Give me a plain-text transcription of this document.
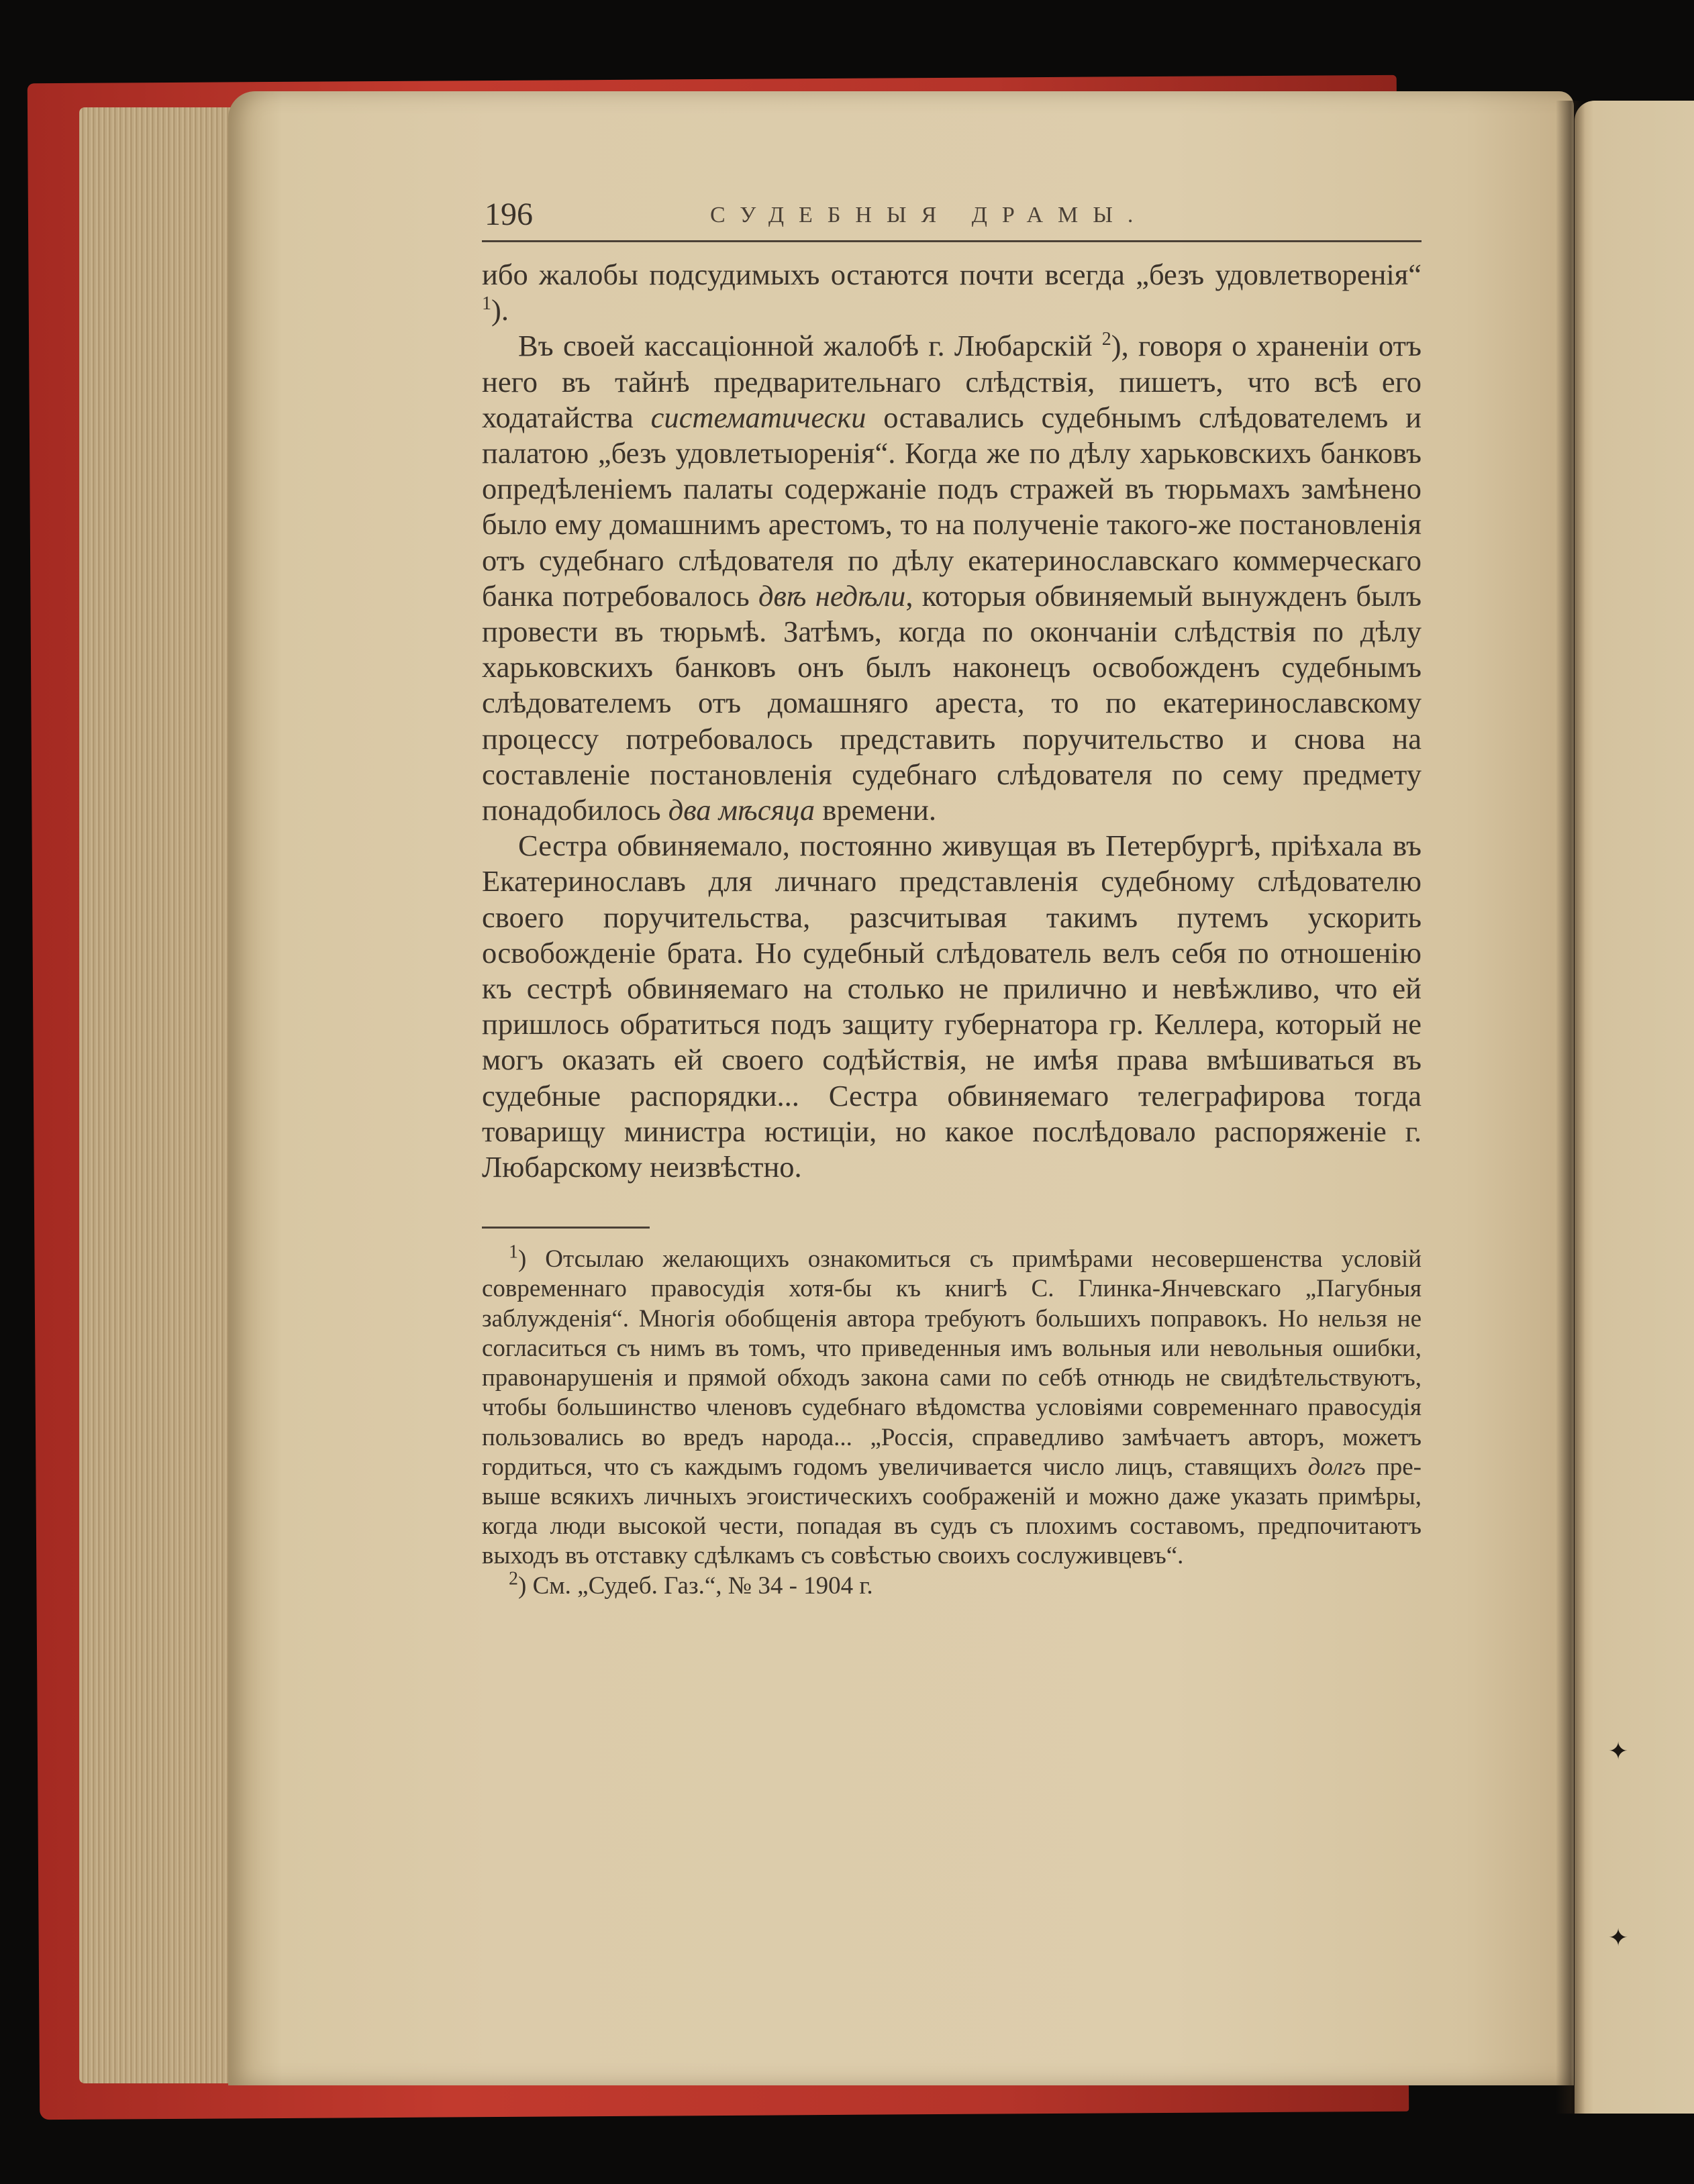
✦
✦
196	СУДЕБНЫЯ ДРАМЫ.

ибо жалобы подсудимыхъ остаются почти всегда „безъ удовлетворенія“ $^1$).

Въ своей кассаціонной жалобѣ г. Любарскій $^2$), говоря о храненіи отъ него въ тайнѣ предварительнаго слѣдствія, пишетъ, что всѣ его ходатайства систематически оставались судебнымъ слѣдователемъ и палатою „безъ удовлетыоренія“. Когда же по дѣлу харьковскихъ банковъ опредѣленіемъ палаты содержаніе подъ стражей въ тюрьмахъ замѣнено было ему домашнимъ арестомъ, то на полученіе такого-же постановленія отъ судебнаго слѣдователя по дѣлу екатеринославскаго коммерческаго банка потребовалось двѣ недѣли, которыя обвиняемый вынужденъ былъ провести въ тюрьмѣ. Затѣмъ, когда по окончаніи слѣдствія по дѣлу харьковскихъ банковъ онъ былъ наконецъ освобожденъ судебнымъ слѣдователемъ отъ домашняго ареста, то по екатеринославскому процессу потребовалось представить поручительство и снова на составленіе постановленія судебнаго слѣдователя по сему предмету понадобилось два мѣсяца времени.

Сестра обвиняемало, постоянно живущая въ Петербургѣ, пріѣхала въ Екатеринославъ для личнаго представленія судебному слѣдователю своего поручительства, разсчитывая такимъ путемъ ускорить освобожденіе брата. Но судебный слѣдователь велъ себя по отношенію къ сестрѣ обвиняемаго на столько не прилично и невѣжливо, что ей пришлось обратиться подъ защиту губернатора гр. Келлера, который не могъ оказать ей своего содѣйствія, не имѣя права вмѣшиваться въ судебные распорядки... Сестра обвиняемаго телеграфирова тогда товарищу министра юстиціи, но какое послѣдовало распоряженіе г. Любарскому неизвѣстно.

$^1$) Отсылаю желающихъ ознакомиться съ примѣрами несовершенства условій современнаго правосудія хотя-бы къ книгѣ С. Глинка-Янчевскаго „Пагубныя заблужденія“. Многія обобщенія автора требуютъ большихъ поправокъ. Но нельзя не согласиться съ нимъ въ томъ, что приведенныя имъ вольныя или невольныя ошибки, правонарушенія и прямой обходъ закона сами по себѣ отнюдь не свидѣтельствуютъ, чтобы большинство членовъ судебнаго вѣдомства условіями современнаго правосудія пользовались во вредъ народа... „Россія, справедливо замѣчаетъ авторъ, можетъ гордиться, что съ каждымъ годомъ увеличивается число лицъ, ставящихъ долгъ превыше всякихъ личныхъ эгоистическихъ соображеній и можно даже указать примѣры, когда люди высокой чести, попадая въ судъ съ плохимъ составомъ, предпочитаютъ выходъ въ отставку сдѣлкамъ съ совѣстью своихъ сослуживцевъ“.

$^2$) См. „Судеб. Газ.“, № 34 - 1904 г.
